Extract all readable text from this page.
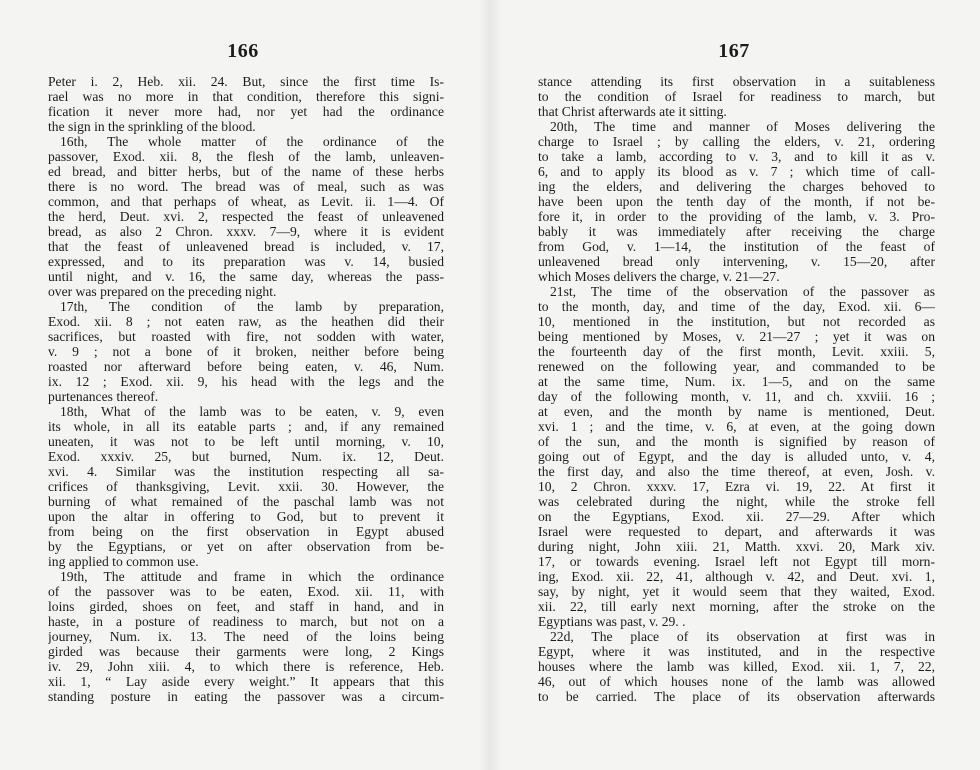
166
Peter i. 2, Heb. xii. 24. But, since the first time Is-
rael was no more in that condition, therefore this signi-
fication it never more had, nor yet had the ordinance
the sign in the sprinkling of the blood.
16th, The whole matter of the ordinance of the
passover, Exod. xii. 8, the flesh of the lamb, unleaven-
ed bread, and bitter herbs, but of the name of these herbs
there is no word. The bread was of meal, such as was
common, and that perhaps of wheat, as Levit. ii. 1—4. Of
the herd, Deut. xvi. 2, respected the feast of unleavened
bread, as also 2 Chron. xxxv. 7—9, where it is evident
that the feast of unleavened bread is included, v. 17,
expressed, and to its preparation was v. 14, busied
until night, and v. 16, the same day, whereas the pass-
over was prepared on the preceding night.
17th, The condition of the lamb by preparation,
Exod. xii. 8 ; not eaten raw, as the heathen did their
sacrifices, but roasted with fire, not sodden with water,
v. 9 ; not a bone of it broken, neither before being
roasted nor afterward before being eaten, v. 46, Num.
ix. 12 ; Exod. xii. 9, his head with the legs and the
purtenances thereof.
18th, What of the lamb was to be eaten, v. 9, even
its whole, in all its eatable parts ; and, if any remained
uneaten, it was not to be left until morning, v. 10,
Exod. xxxiv. 25, but burned, Num. ix. 12, Deut.
xvi. 4. Similar was the institution respecting all sa-
crifices of thanksgiving, Levit. xxii. 30. However, the
burning of what remained of the paschal lamb was not
upon the altar in offering to God, but to prevent it
from being on the first observation in Egypt abused
by the Egyptians, or yet on after observation from be-
ing applied to common use.
19th, The attitude and frame in which the ordinance
of the passover was to be eaten, Exod. xii. 11, with
loins girded, shoes on feet, and staff in hand, and in
haste, in a posture of readiness to march, but not on a
journey, Num. ix. 13. The need of the loins being
girded was because their garments were long, 2 Kings
iv. 29, John xiii. 4, to which there is reference, Heb.
xii. 1, “ Lay aside every weight.” It appears that this
standing posture in eating the passover was a circum-
167
stance attending its first observation in a suitableness
to the condition of Israel for readiness to march, but
that Christ afterwards ate it sitting.
20th, The time and manner of Moses delivering the
charge to Israel ; by calling the elders, v. 21, ordering
to take a lamb, according to v. 3, and to kill it as v.
6, and to apply its blood as v. 7 ; which time of call-
ing the elders, and delivering the charges behoved to
have been upon the tenth day of the month, if not be-
fore it, in order to the providing of the lamb, v. 3. Pro-
bably it was immediately after receiving the charge
from God, v. 1—14, the institution of the feast of
unleavened bread only intervening, v. 15—20, after
which Moses delivers the charge, v. 21—27.
21st, The time of the observation of the passover as
to the month, day, and time of the day, Exod. xii. 6—
10, mentioned in the institution, but not recorded as
being mentioned by Moses, v. 21—27 ; yet it was on
the fourteenth day of the first month, Levit. xxiii. 5,
renewed on the following year, and commanded to be
at the same time, Num. ix. 1—5, and on the same
day of the following month, v. 11, and ch. xxviii. 16 ;
at even, and the month by name is mentioned, Deut.
xvi. 1 ; and the time, v. 6, at even, at the going down
of the sun, and the month is signified by reason of
going out of Egypt, and the day is alluded unto, v. 4,
the first day, and also the time thereof, at even, Josh. v.
10, 2 Chron. xxxv. 17, Ezra vi. 19, 22. At first it
was celebrated during the night, while the stroke fell
on the Egyptians, Exod. xii. 27—29. After which
Israel were requested to depart, and afterwards it was
during night, John xiii. 21, Matth. xxvi. 20, Mark xiv.
17, or towards evening. Israel left not Egypt till morn-
ing, Exod. xii. 22, 41, although v. 42, and Deut. xvi. 1,
say, by night, yet it would seem that they waited, Exod.
xii. 22, till early next morning, after the stroke on the
Egyptians was past, v. 29. .
22d, The place of its observation at first was in
Egypt, where it was instituted, and in the respective
houses where the lamb was killed, Exod. xii. 1, 7, 22,
46, out of which houses none of the lamb was allowed
to be carried. The place of its observation afterwards
